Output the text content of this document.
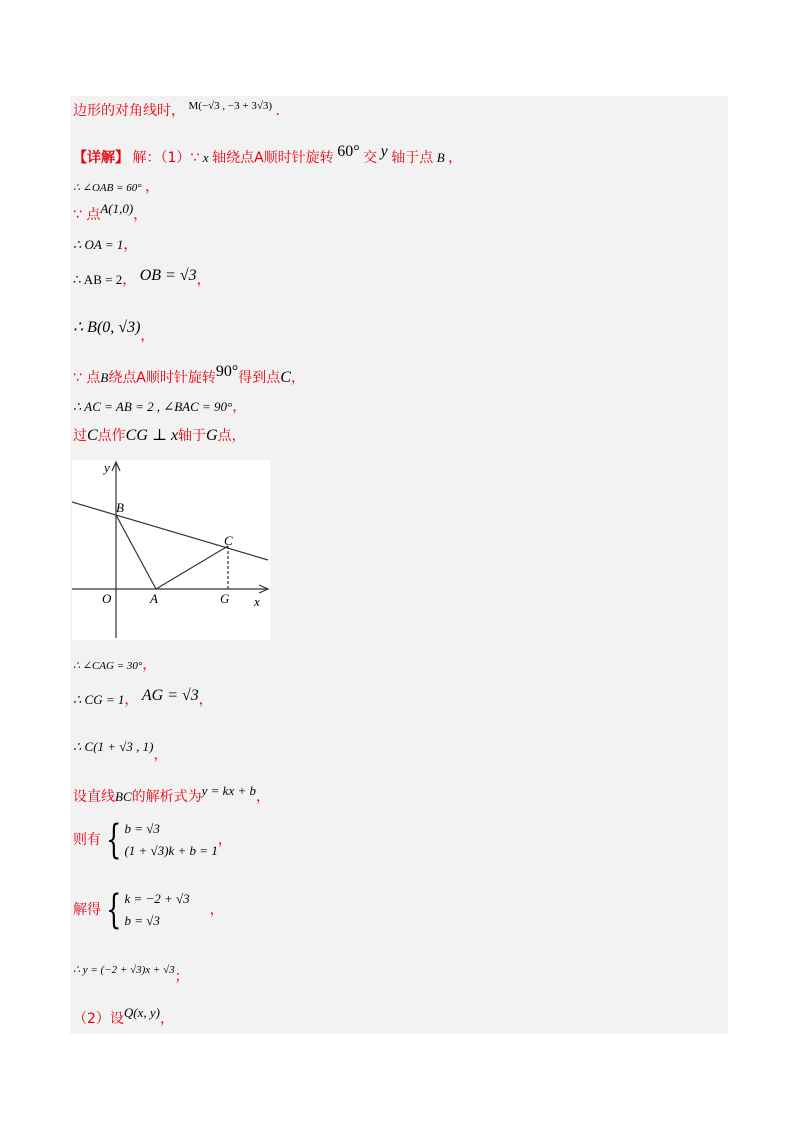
边形的对角线时， $^{M(-√3 , -3 + 3√3)}$ .
【详解】 解：（1）∵ x 轴绕点A顺时针旋转 60° 交 y 轴于点 B ，
∴ ∠OAB = 60° ，
∵ 点A(1,0)，
∴ OA = 1，
∴ AB = 2， OB = √3，
∴ B(0, √3)，
∵ 点B绕点A顺时针旋转90°得到点C，
∴ AC = AB = 2 , ∠BAC = 90°，
过C点作CG ⊥ x轴于G点，
y
x
O	A
B
C
G
∴ ∠CAG = 30°，
∴ CG = 1， AG = √3，
∴ C(1 + √3 , 1)，
设直线BC的解析式为y = kx + b，
则有 { b = √3
(1 + √3)k + b = 1
，
解得 { k = −2 + √3
b = √3
，
∴ y = (−2 + √3)x + √3；
（2）设Q(x, y)，
